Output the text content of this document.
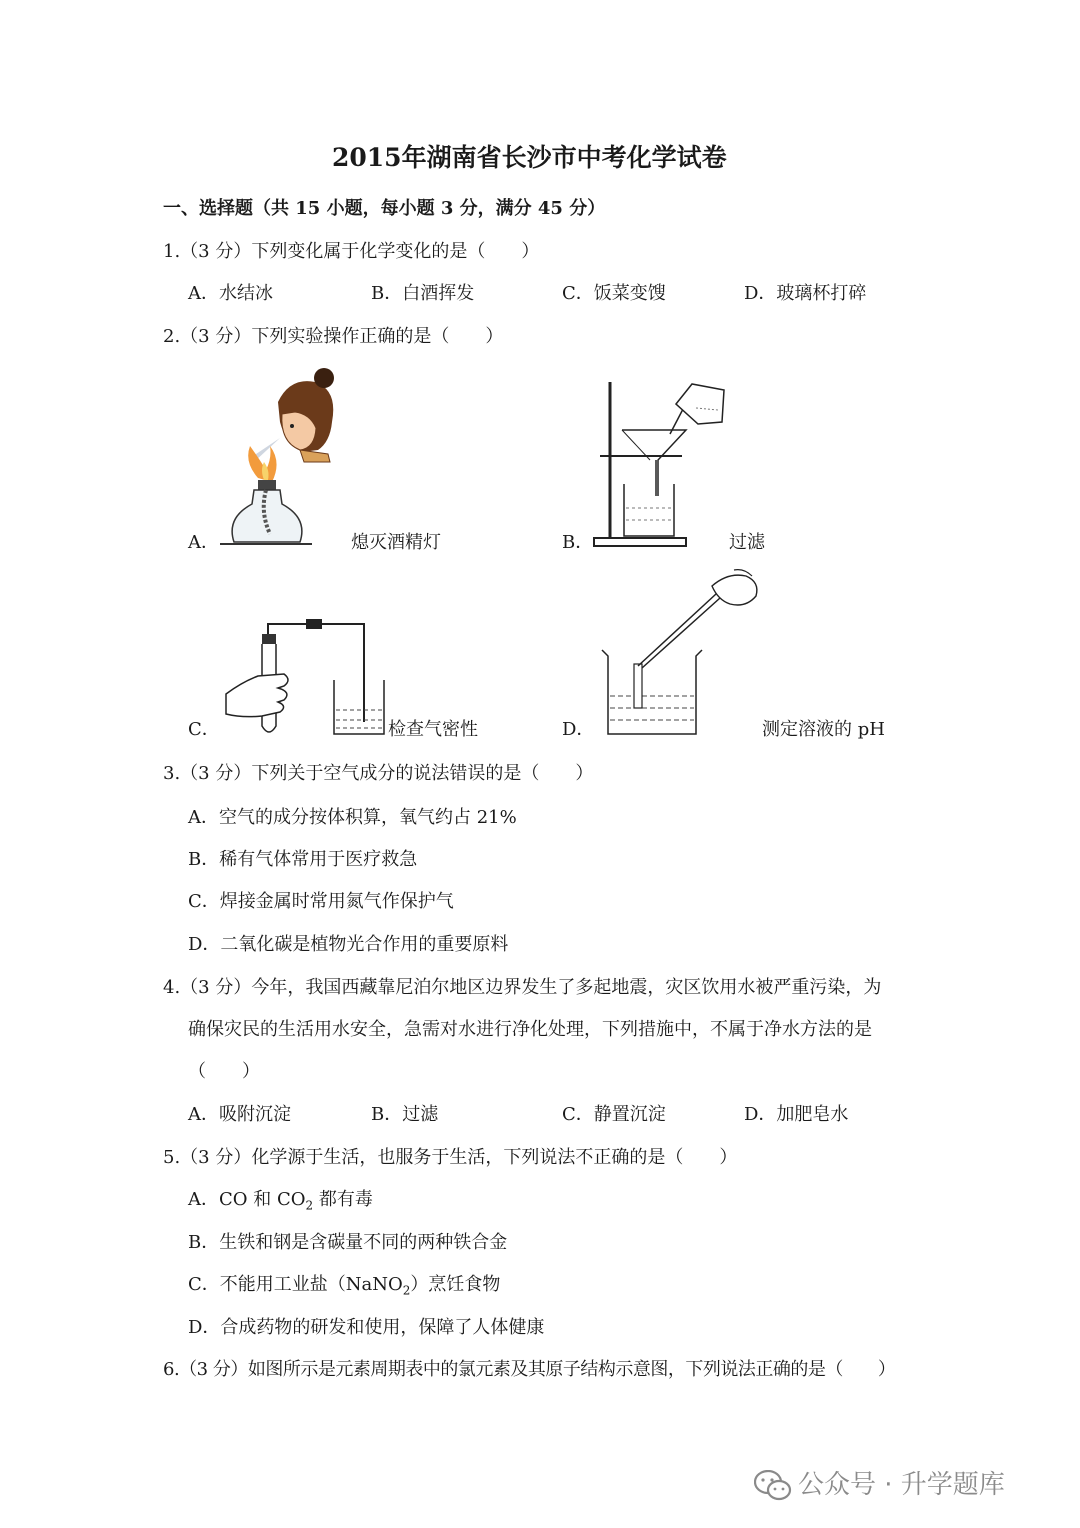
2015年湖南省长沙市中考化学试卷
一、选择题（共 15 小题，每小题 3 分，满分 45 分）
1.（3 分）下列变化属于化学变化的是（　　）
A．水结冰	B．白酒挥发	C．饭菜变馊	D．玻璃杯打碎
2.（3 分）下列实验操作正确的是（　　）
A．	熄灭酒精灯	B．	过滤
C．	检查气密性	D．	测定溶液的 pH
3.（3 分）下列关于空气成分的说法错误的是（　　）
A．空气的成分按体积算，氧气约占 21%
B．稀有气体常用于医疗救急
C．焊接金属时常用氮气作保护气
D．二氧化碳是植物光合作用的重要原料
4.（3 分）今年，我国西藏靠尼泊尔地区边界发生了多起地震，灾区饮用水被严重污染，为
确保灾民的生活用水安全，急需对水进行净化处理，下列措施中，不属于净水方法的是
（　　）
A．吸附沉淀	B．过滤	C．静置沉淀	D．加肥皂水
5.（3 分）化学源于生活，也服务于生活，下列说法不正确的是（　　）
A．CO 和 $CO_2$ 都有毒
B．生铁和钢是含碳量不同的两种铁合金
C．不能用工业盐（NaNO$_2$）烹饪食物
D．合成药物的研发和使用，保障了人体健康
6.（3 分）如图所示是元素周期表中的氯元素及其原子结构示意图，下列说法正确的是（　　）
公众号 · 升学题库
